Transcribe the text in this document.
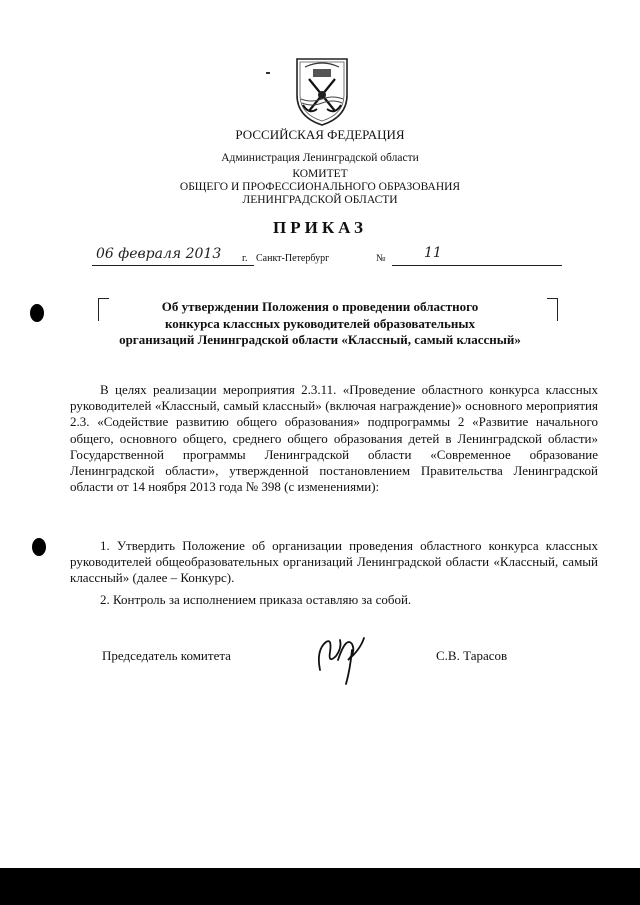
РОССИЙСКАЯ ФЕДЕРАЦИЯ
Администрация Ленинградской области
КОМИТЕТ
ОБЩЕГО И ПРОФЕССИОНАЛЬНОГО ОБРАЗОВАНИЯ
ЛЕНИНГРАДСКОЙ ОБЛАСТИ
ПРИКАЗ
06 февраля 2013 г. Санкт-Петербург	№	11
Об утверждении Положения о проведении областного
конкурса классных руководителей образовательных
организаций Ленинградской области «Классный, самый классный»
В целях реализации мероприятия 2.3.11. «Проведение областного конкурса классных руководителей «Классный, самый классный» (включая награждение)» основного мероприятия 2.3. «Содействие развитию общего образования» подпрограммы 2 «Развитие начального общего, основного общего, среднего общего образования детей в Ленинградской области» Государственной программы Ленинградской области «Современное образование Ленинградской области», утвержденной постановлением Правительства Ленинградской области от 14 ноября 2013 года № 398 (с изменениями):
1. Утвердить Положение об организации проведения областного конкурса классных руководителей общеобразовательных организаций Ленинградской области «Классный, самый классный» (далее – Конкурс).
2. Контроль за исполнением приказа оставляю за собой.
Председатель комитета	С.В. Тарасов
